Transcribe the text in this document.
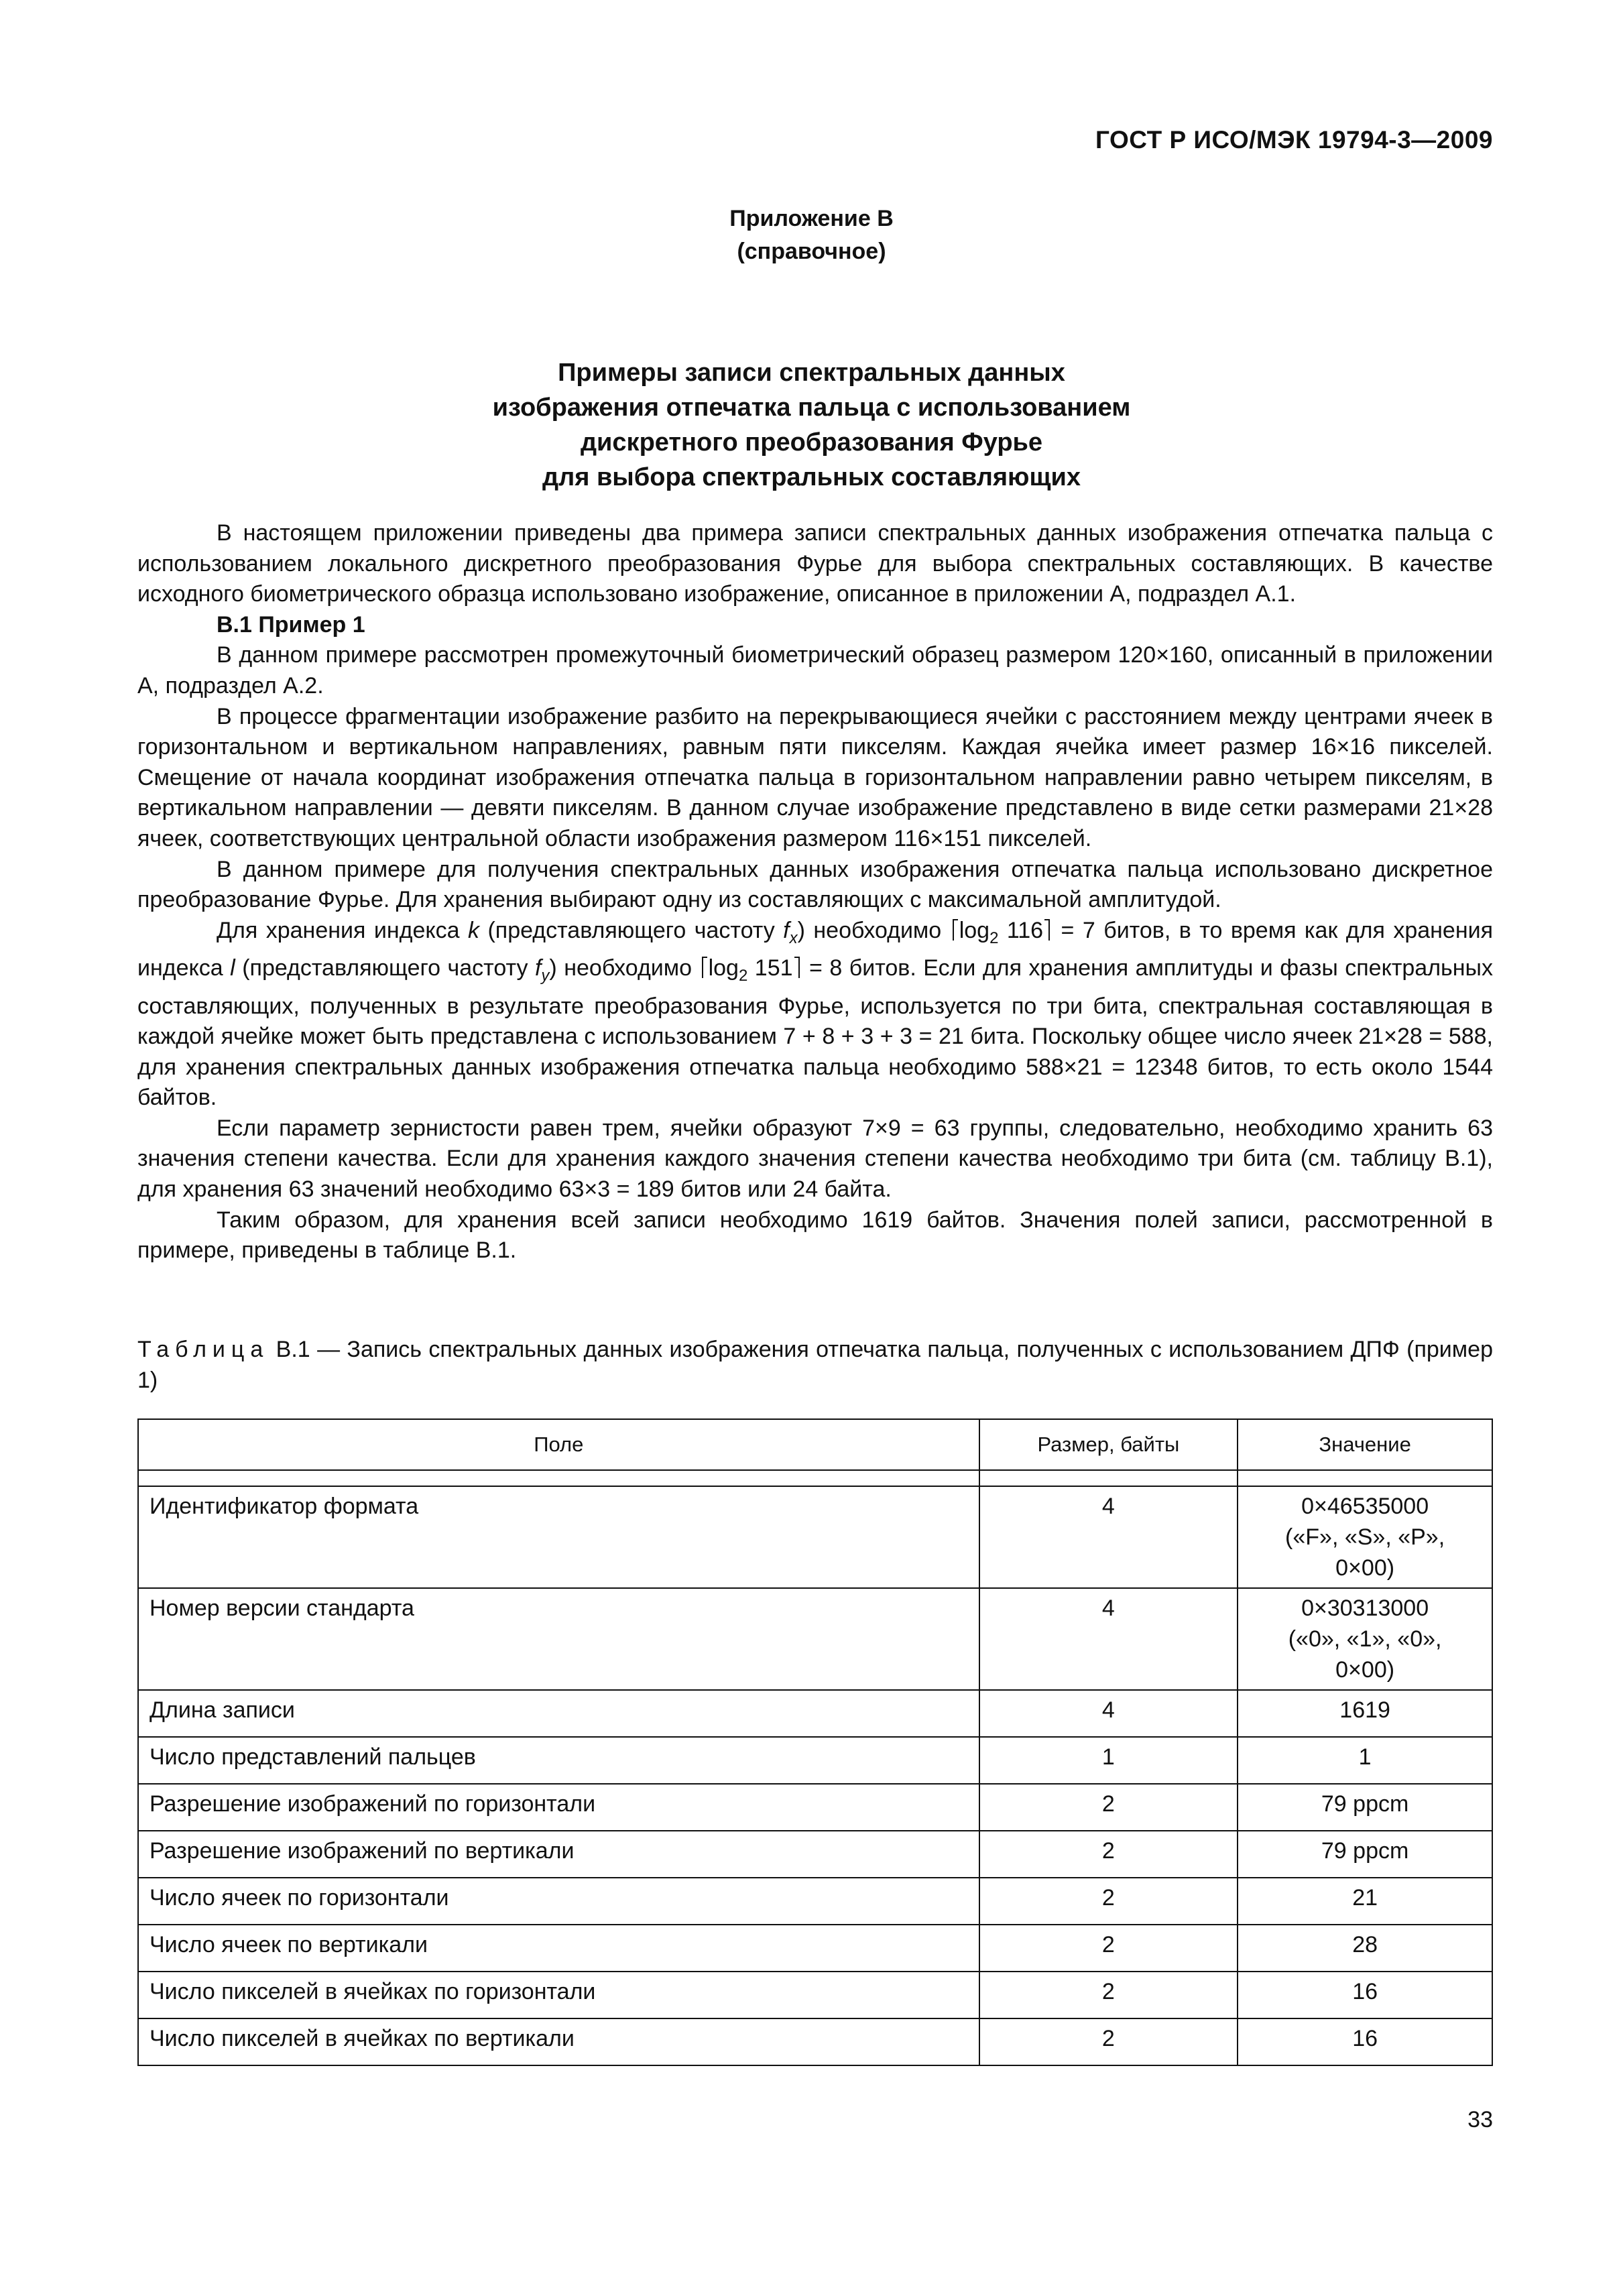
ГОСТ Р ИСО/МЭК 19794-3—2009
Приложение В
(справочное)
Примеры записи спектральных данных
изображения отпечатка пальца с использованием
дискретного преобразования Фурье
для выбора спектральных составляющих

В настоящем приложении приведены два примера записи спектральных данных изображения отпечатка пальца с использованием локального дискретного преобразования Фурье для выбора спектральных составляющих. В качестве исходного биометрического образца использовано изображение, описанное в приложении А, подраздел А.1.

В.1 Пример 1

В данном примере рассмотрен промежуточный биометрический образец размером 120×160, описанный в приложении А, подраздел А.2.

В процессе фрагментации изображение разбито на перекрывающиеся ячейки с расстоянием между центрами ячеек в горизонтальном и вертикальном направлениях, равным пяти пикселям. Каждая ячейка имеет размер 16×16 пикселей. Смещение от начала координат изображения отпечатка пальца в горизонтальном направлении равно четырем пикселям, в вертикальном направлении — девяти пикселям. В данном случае изображение представлено в виде сетки размерами 21×28 ячеек, соответствующих центральной области изображения размером 116×151 пикселей.

В данном примере для получения спектральных данных изображения отпечатка пальца использовано дискретное преобразование Фурье. Для хранения выбирают одну из составляющих с максимальной амплитудой.

Для хранения индекса k (представляющего частоту $f_x$) необходимо $\log_2 116 = 7$ битов, в то время как для хранения индекса l (представляющего частоту $f_y$) необходимо $\log_2 151 = 8$ битов. Если для хранения амплитуды и фазы спектральных составляющих, полученных в результате преобразования Фурье, используется по три бита, спектральная составляющая в каждой ячейке может быть представлена с использованием 7 + 8 + 3 + 3 = 21 бита. Поскольку общее число ячеек 21×28 = 588, для хранения спектральных данных изображения отпечатка пальца необходимо 588×21 = 12348 битов, то есть около 1544 байтов.

Если параметр зернистости равен трем, ячейки образуют 7×9 = 63 группы, следовательно, необходимо хранить 63 значения степени качества. Если для хранения каждого значения степени качества необходимо три бита (см. таблицу В.1), для хранения 63 значений необходимо 63×3 = 189 битов или 24 байта.

Таким образом, для хранения всей записи необходимо 1619 байтов. Значения полей записи, рассмотренной в примере, приведены в таблице В.1.

Таблица В.1 — Запись спектральных данных изображения отпечатка пальца, полученных с использованием ДПФ (пример 1)
Поле	Размер, байты	Значение

Идентификатор формата	4	0×46535000
(«F», «S», «P»,
0×00)

Номер версии стандарта	4	0×30313000
(«0», «1», «0»,
0×00)

Длина записи	4	1619
Число представлений пальцев	1	1
Разрешение изображений по горизонтали	2	79 ppcm
Разрешение изображений по вертикали	2	79 ppcm
Число ячеек по горизонтали	2	21
Число ячеек по вертикали	2	28
Число пикселей в ячейках по горизонтали	2	16
Число пикселей в ячейках по вертикали	2	16
33
